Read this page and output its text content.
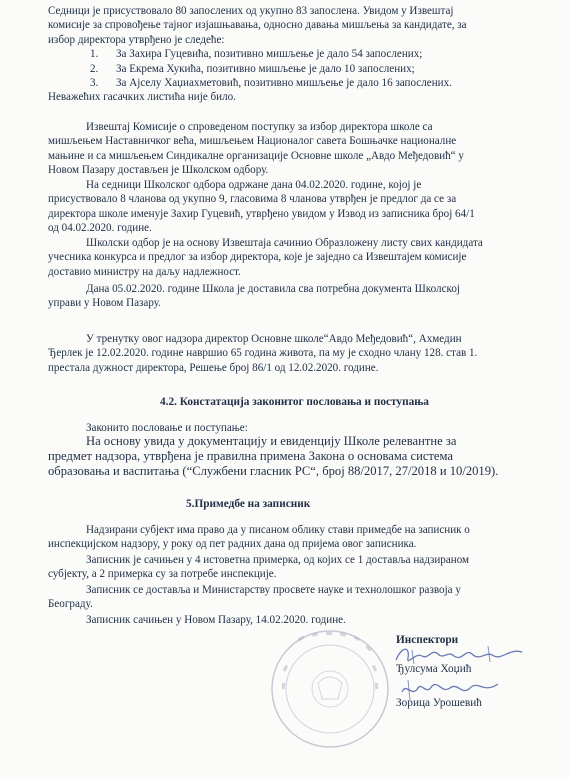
Седници је присуствовало 80 запослених од укупно 83 запослена. Увидом у Извештај

комисије за спровођење тајног изјашњавања, односно давања мишљења за кандидате, за

избор директора утврђено је следеће:

1.	За Захира Гуцевића, позитивно мишљење је дало 54 запослених;

2.	За Екрема Хукића, позитивно мишљење је дало 10 запослених;

3.	За Ајселу Хаџиахметовић, позитивно мишљење је дало 16 запослених.

Неважећих гасачких листића није било.

Извештај Комисије о спроведеном поступку за избор директора школе са

мишљењем Наставничког већа, мишљењем Националог савета Бошњачке националне

мањине и са мишљењем Синдикалне организације Основне школе „Авдо Међедовић“ у

Новом Пазару достављен је Школском одбору.

На седници Школског одбора одржане дана 04.02.2020. године, којој је

присуствовало 8 чланова од укупно 9, гласовима 8 чланова утврђен је предлог да се за

директора школе именује Захир Гуцевић, утврђено увидом у Извод из записника број 64/1

од 04.02.2020. године.

Школски одбор је на основу Извештаја сачинио Образложену листу свих кандидата

учесника конкурса и предлог за избор директора, које је заједно са Извештајем комисије

доставио министру на даљу надлежност.

Дана 05.02.2020. године Школа је доставила сва потребна документа Школској

управи у Новом Пазару.

У тренутку овог надзора директор Основне школе“Авдо Међедовић“, Ахмедин

Ђерлек је 12.02.2020. године навршио 65 година живота, па му је сходно члану 128. став 1.

престала дужност директора, Решење број 86/1 од 12.02.2020. године.

4.2. Констатација законитог пословања и поступања

Законито пословање и поступање:

На основу увида у документацију и евиденцију Школе релевантне за

предмет надзора, утврђена је правилна примена Закона о основама система

образовања и васпитања (“Службени гласник РС“, број 88/2017, 27/2018 и 10/2019).

5.Примедбе на записник

Надзирани субјект има право да у писаном облику стави примедбе на записник о

инспекцијском надзору, у року од пет радних дана од пријема овог записника.

Записник је сачињен у 4 истоветна примерка, од којих се 1 доставља надзираном

субјекту, а 2 примерка су за потребе инспекције.

Записник се доставља и Министарству просвете науке и технолошког развоја у

Београду.

Записник сачињен у Новом Пазару, 14.02.2020. године.

Инспектори
Ђулсума Хоџић
Зорица Урошевић
